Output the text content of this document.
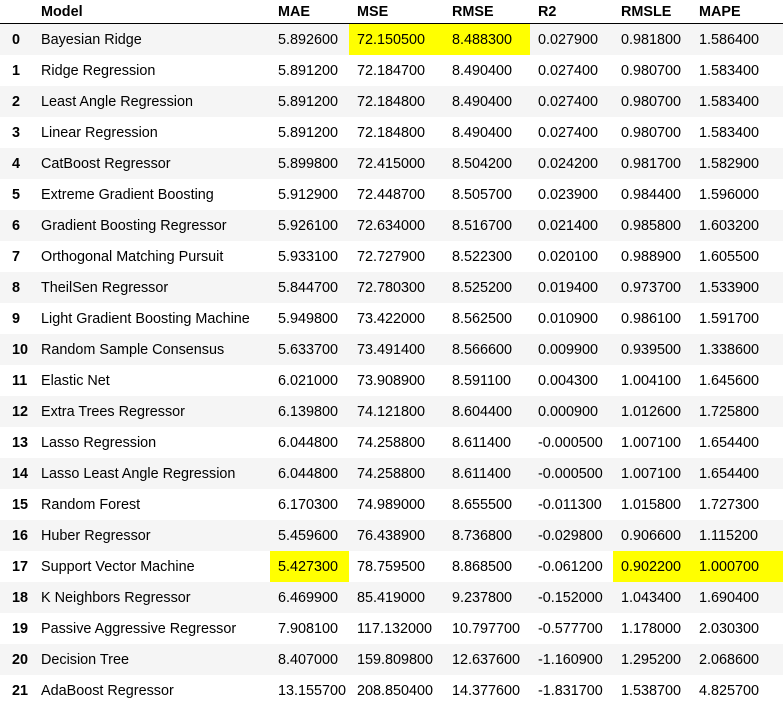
	Model	MAE	MSE	RMSE	R2	RMSLE	MAPE
0	Bayesian Ridge	5.892600	72.150500	8.488300	0.027900	0.981800	1.586400
1	Ridge Regression	5.891200	72.184700	8.490400	0.027400	0.980700	1.583400
2	Least Angle Regression	5.891200	72.184800	8.490400	0.027400	0.980700	1.583400
3	Linear Regression	5.891200	72.184800	8.490400	0.027400	0.980700	1.583400
4	CatBoost Regressor	5.899800	72.415000	8.504200	0.024200	0.981700	1.582900
5	Extreme Gradient Boosting	5.912900	72.448700	8.505700	0.023900	0.984400	1.596000
6	Gradient Boosting Regressor	5.926100	72.634000	8.516700	0.021400	0.985800	1.603200
7	Orthogonal Matching Pursuit	5.933100	72.727900	8.522300	0.020100	0.988900	1.605500
8	TheilSen Regressor	5.844700	72.780300	8.525200	0.019400	0.973700	1.533900
9	Light Gradient Boosting Machine	5.949800	73.422000	8.562500	0.010900	0.986100	1.591700
10	Random Sample Consensus	5.633700	73.491400	8.566600	0.009900	0.939500	1.338600
11	Elastic Net	6.021000	73.908900	8.591100	0.004300	1.004100	1.645600
12	Extra Trees Regressor	6.139800	74.121800	8.604400	0.000900	1.012600	1.725800
13	Lasso Regression	6.044800	74.258800	8.611400	-0.000500	1.007100	1.654400
14	Lasso Least Angle Regression	6.044800	74.258800	8.611400	-0.000500	1.007100	1.654400
15	Random Forest	6.170300	74.989000	8.655500	-0.011300	1.015800	1.727300
16	Huber Regressor	5.459600	76.438900	8.736800	-0.029800	0.906600	1.115200
17	Support Vector Machine	5.427300	78.759500	8.868500	-0.061200	0.902200	1.000700
18	K Neighbors Regressor	6.469900	85.419000	9.237800	-0.152000	1.043400	1.690400
19	Passive Aggressive Regressor	7.908100	117.132000	10.797700	-0.577700	1.178000	2.030300
20	Decision Tree	8.407000	159.809800	12.637600	-1.160900	1.295200	2.068600
21	AdaBoost Regressor	13.155700	208.850400	14.377600	-1.831700	1.538700	4.825700
